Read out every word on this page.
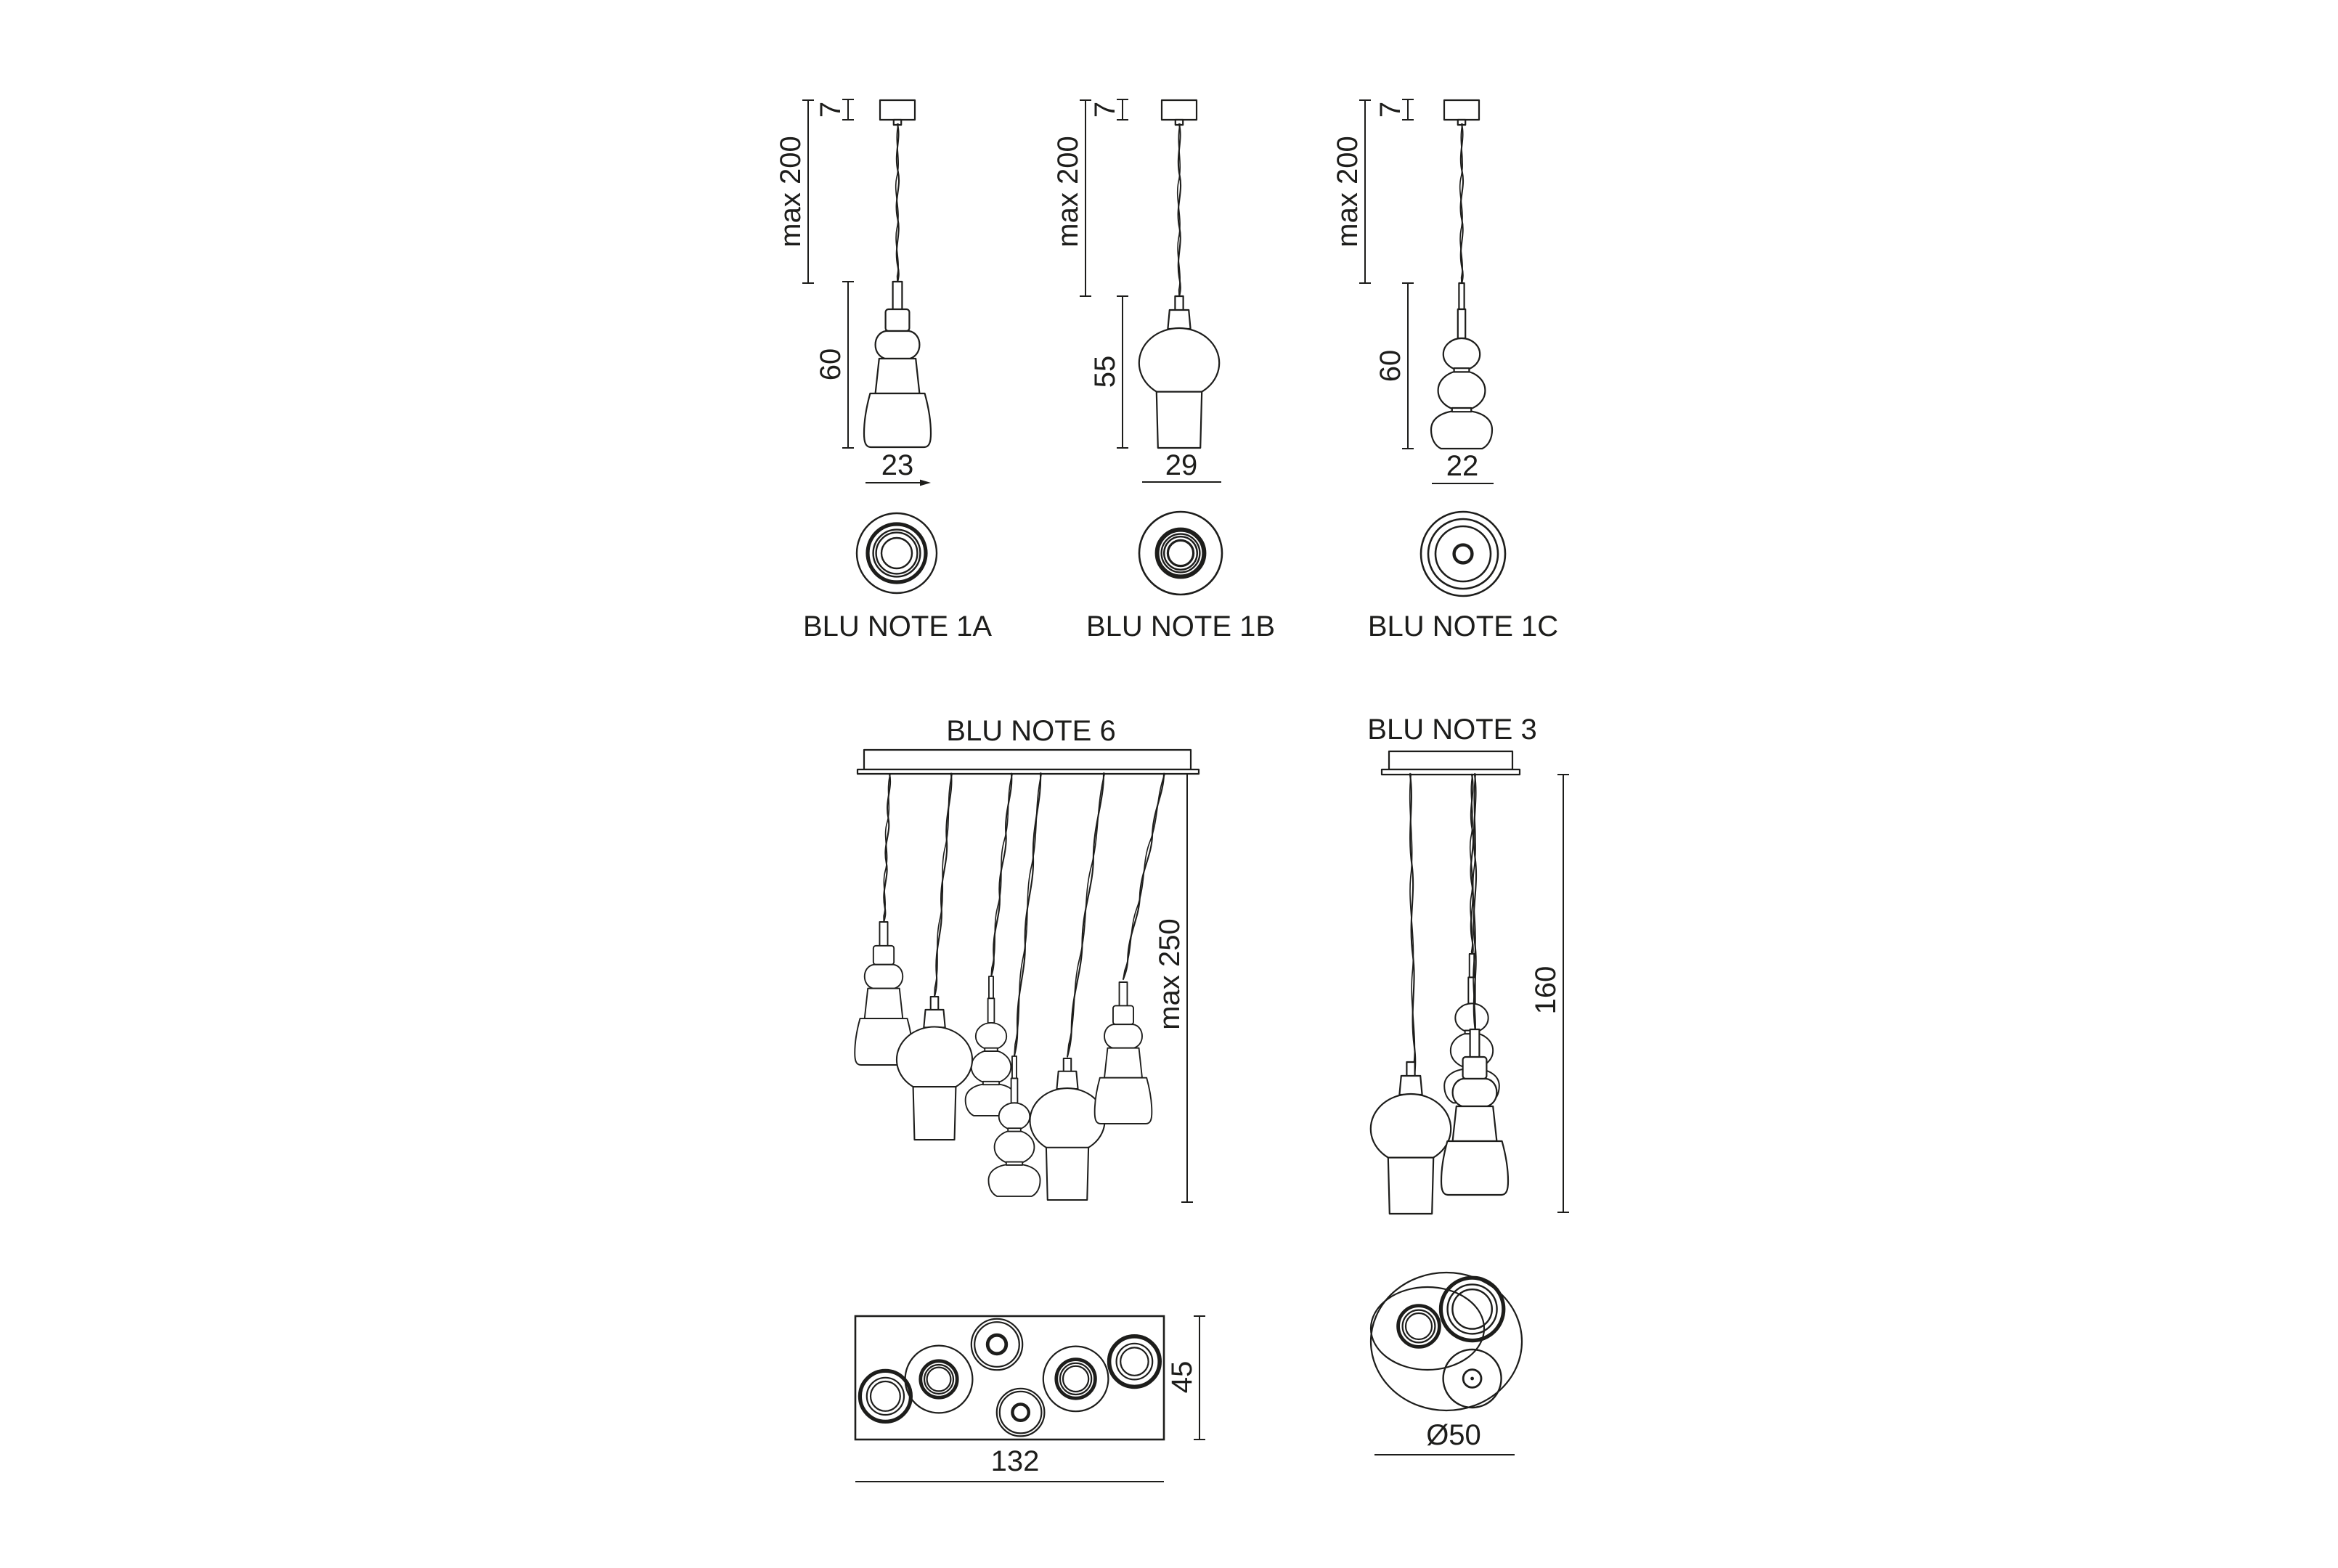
max 200
7
60
23
BLU NOTE 1A
max 200
7
55
29
BLU NOTE 1B
max 200
7
60
22
BLU NOTE 1C
BLU NOTE 6
max 250
45
132
BLU NOTE 3
160
Ø50
